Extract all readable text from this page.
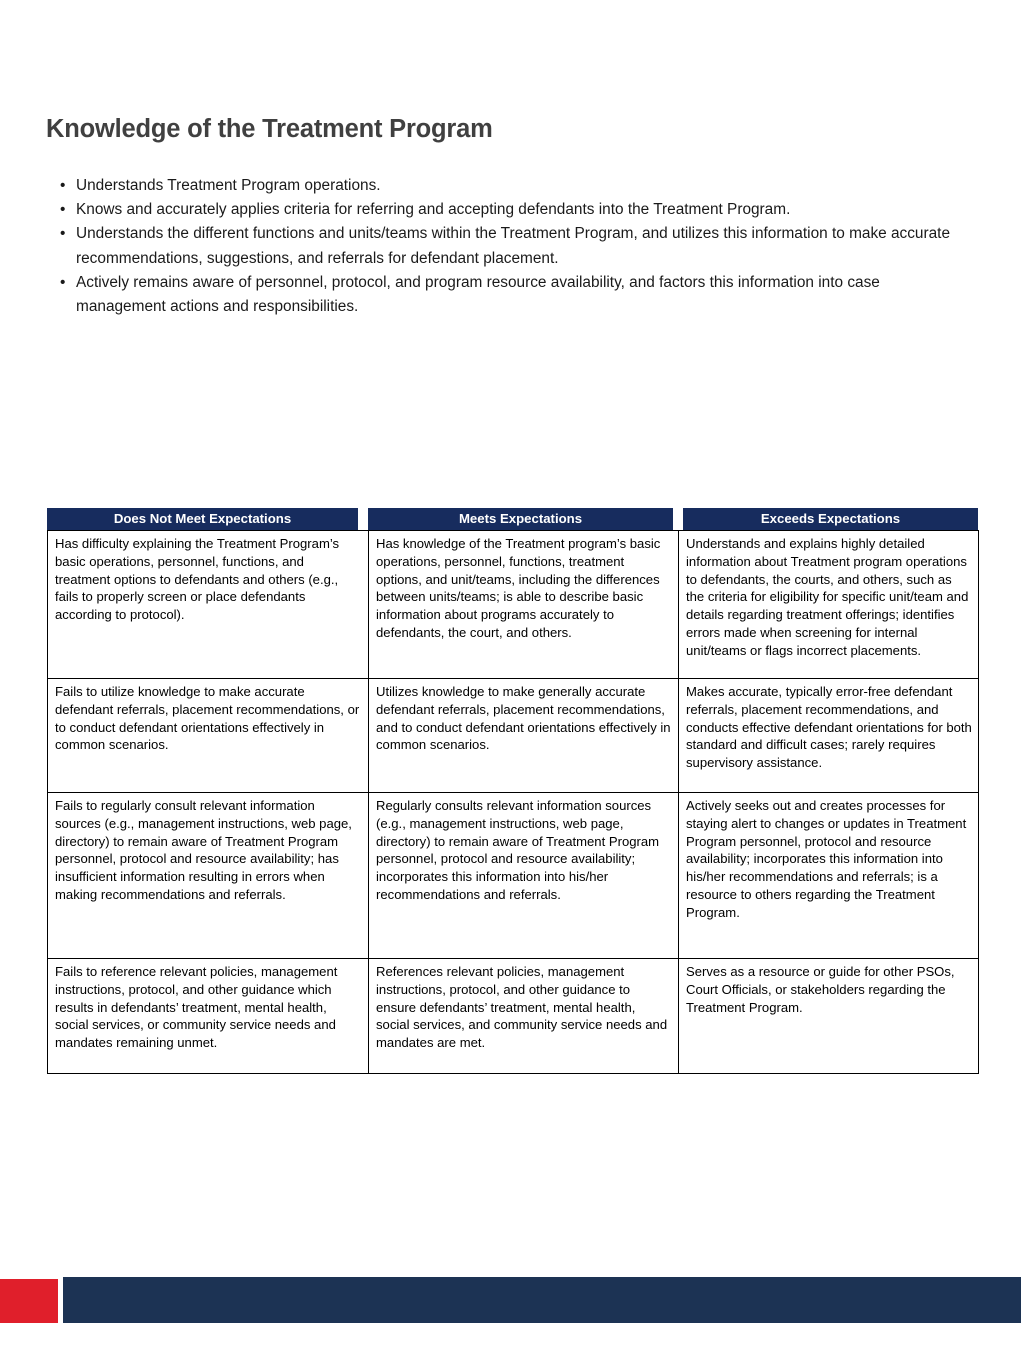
Knowledge of the Treatment Program
• Understands Treatment Program operations.
• Knows and accurately applies criteria for referring and accepting defendants into the Treatment Program.
• Understands the different functions and units/teams within the Treatment Program, and utilizes this information to make accurate recommendations, suggestions, and referrals for defendant placement.
• Actively remains aware of personnel, protocol, and program resource availability, and factors this information into case management actions and responsibilities.
Does Not Meet Expectations	Meets Expectations	Exceeds Expectations
Has difficulty explaining the Treatment Program’s basic operations, personnel, functions, and treatment options to defendants and others (e.g., fails to properly screen or place defendants according to protocol).	Has knowledge of the Treatment program’s basic operations, personnel, functions, treatment options, and unit/teams, including the differences between units/teams; is able to describe basic information about programs accurately to defendants, the court, and others.	Understands and explains highly detailed information about Treatment program operations to defendants, the courts, and others, such as the criteria for eligibility for specific unit/team and details regarding treatment offerings; identifies errors made when screening for internal unit/teams or flags incorrect placements.
Fails to utilize knowledge to make accurate defendant referrals, placement recommendations, or to conduct defendant orientations effectively in common scenarios.	Utilizes knowledge to make generally accurate defendant referrals, placement recommendations, and to conduct defendant orientations effectively in common scenarios.	Makes accurate, typically error-free defendant referrals, placement recommendations, and conducts effective defendant orientations for both standard and difficult cases; rarely requires supervisory assistance.
Fails to regularly consult relevant information sources (e.g., management instructions, web page, directory) to remain aware of Treatment Program personnel, protocol and resource availability; has insufficient information resulting in errors when making recommendations and referrals.	Regularly consults relevant information sources (e.g., management instructions, web page, directory) to remain aware of Treatment Program personnel, protocol and resource availability; incorporates this information into his/her recommendations and referrals.	Actively seeks out and creates processes for staying alert to changes or updates in Treatment Program personnel, protocol and resource availability; incorporates this information into his/her recommendations and referrals; is a resource to others regarding the Treatment Program.
Fails to reference relevant policies, management instructions, protocol, and other guidance which results in defendants’ treatment, mental health, social services, or community service needs and mandates remaining unmet.	References relevant policies, management instructions, protocol, and other guidance to ensure defendants’ treatment, mental health, social services, and community service needs and mandates are met.	Serves as a resource or guide for other PSOs, Court Officials, or stakeholders regarding the Treatment Program.
